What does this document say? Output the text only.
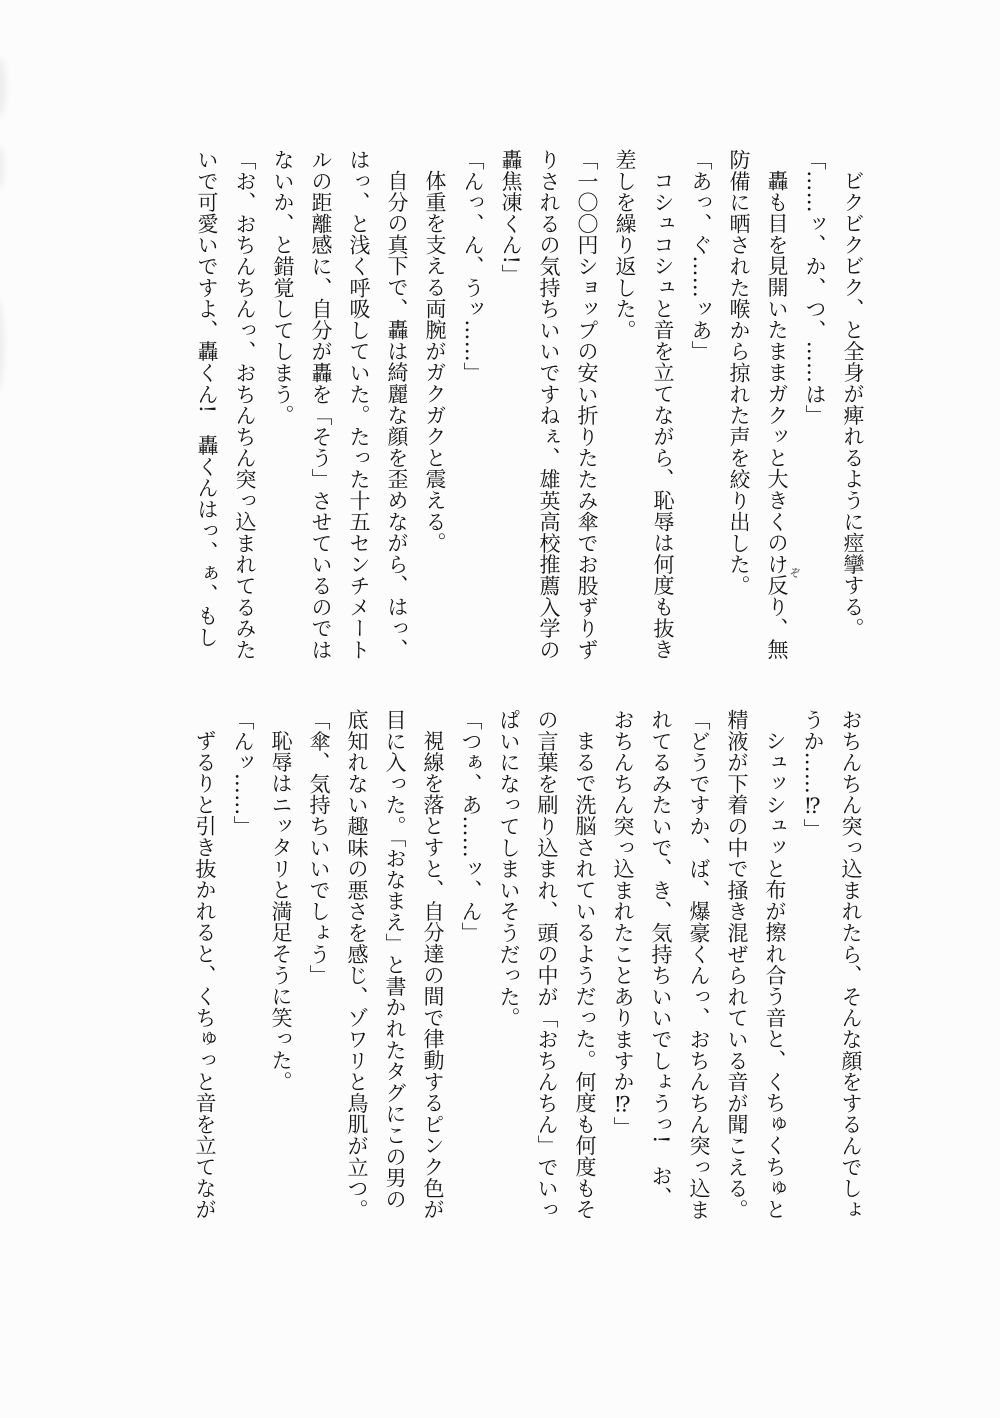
ビクビクビク、と全身が痺れるように痙攣する。
「……ッ、か、つ、……は」
轟も目を見開いたままガクッと大きくのけ反り、無
防備に晒された喉から掠れた声を絞り出した。
「あっ、ぐ……ッあ」
コシュコシュと音を立てながら、恥辱は何度も抜き
差しを繰り返した。
「一〇〇円ショップの安い折りたたみ傘でお股ずりず
りされるの気持ちいいですねぇ、雄英高校推薦入学の
轟焦凍くん!」
「んっ、ん、うッ……」
体重を支える両腕がガクガクと震える。
自分の真下で、轟は綺麗な顔を歪めながら、はっ、
はっ、と浅く呼吸していた。たった十五センチメート
ルの距離感に、自分が轟を「そう」させているのでは
ないか、と錯覚してしまう。
「お、おちんちんっ、おちんちん突っ込まれてるみた
いで可愛いですよ、轟くん!　轟くんはっ、ぁ、もし	ぞ
おちんちん突っ込まれたら、そんな顔をするんでしょ
うか……⁉」
シュッシュッと布が擦れ合う音と、くちゅくちゅと
精液が下着の中で掻き混ぜられている音が聞こえる。
「どうですか、ば、爆豪くんっ、おちんちん突っ込ま
れてるみたいで、き、気持ちいいでしょうっ!　お、
おちんちん突っ込まれたことありますか⁉」
まるで洗脳されているようだった。何度も何度もそ
の言葉を刷り込まれ、頭の中が「おちんちん」でいっ
ぱいになってしまいそうだった。
「つぁ、あ……ッ、ん」
視線を落とすと、自分達の間で律動するピンク色が
目に入った。「おなまえ」と書かれたタグにこの男の
底知れない趣味の悪さを感じ、ゾワリと鳥肌が立つ。
「傘、気持ちいいでしょう」
恥辱はニッタリと満足そうに笑った。
「んッ……」
ずるりと引き抜かれると、くちゅっと音を立てなが
